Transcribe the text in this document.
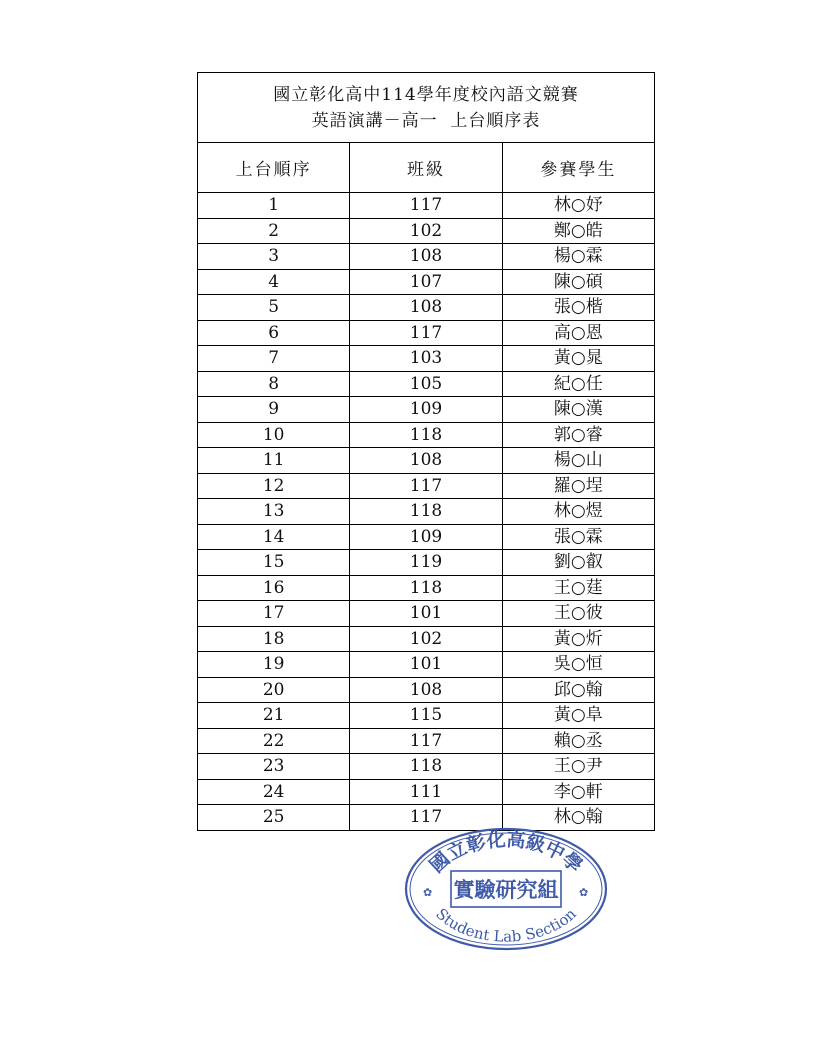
國立彰化高中114學年度校內語文競賽
英語演講－高一  上台順序表
上台順序	班級	參賽學生
1	117	林○妤
2	102	鄭○皓
3	108	楊○霖
4	107	陳○碩
5	108	張○楷
6	117	高○恩
7	103	黃○晁
8	105	紀○任
9	109	陳○漢
10	118	郭○睿
11	108	楊○山
12	117	羅○埕
13	118	林○煜
14	109	張○霖
15	119	劉○叡
16	118	王○莛
17	101	王○彼
18	102	黃○炘
19	101	吳○恒
20	108	邱○翰
21	115	黃○阜
22	117	賴○丞
23	118	王○尹
24	111	李○軒
25	117	林○翰
國立彰化高級中學
實驗研究組
Student Lab Section
✿	✿
